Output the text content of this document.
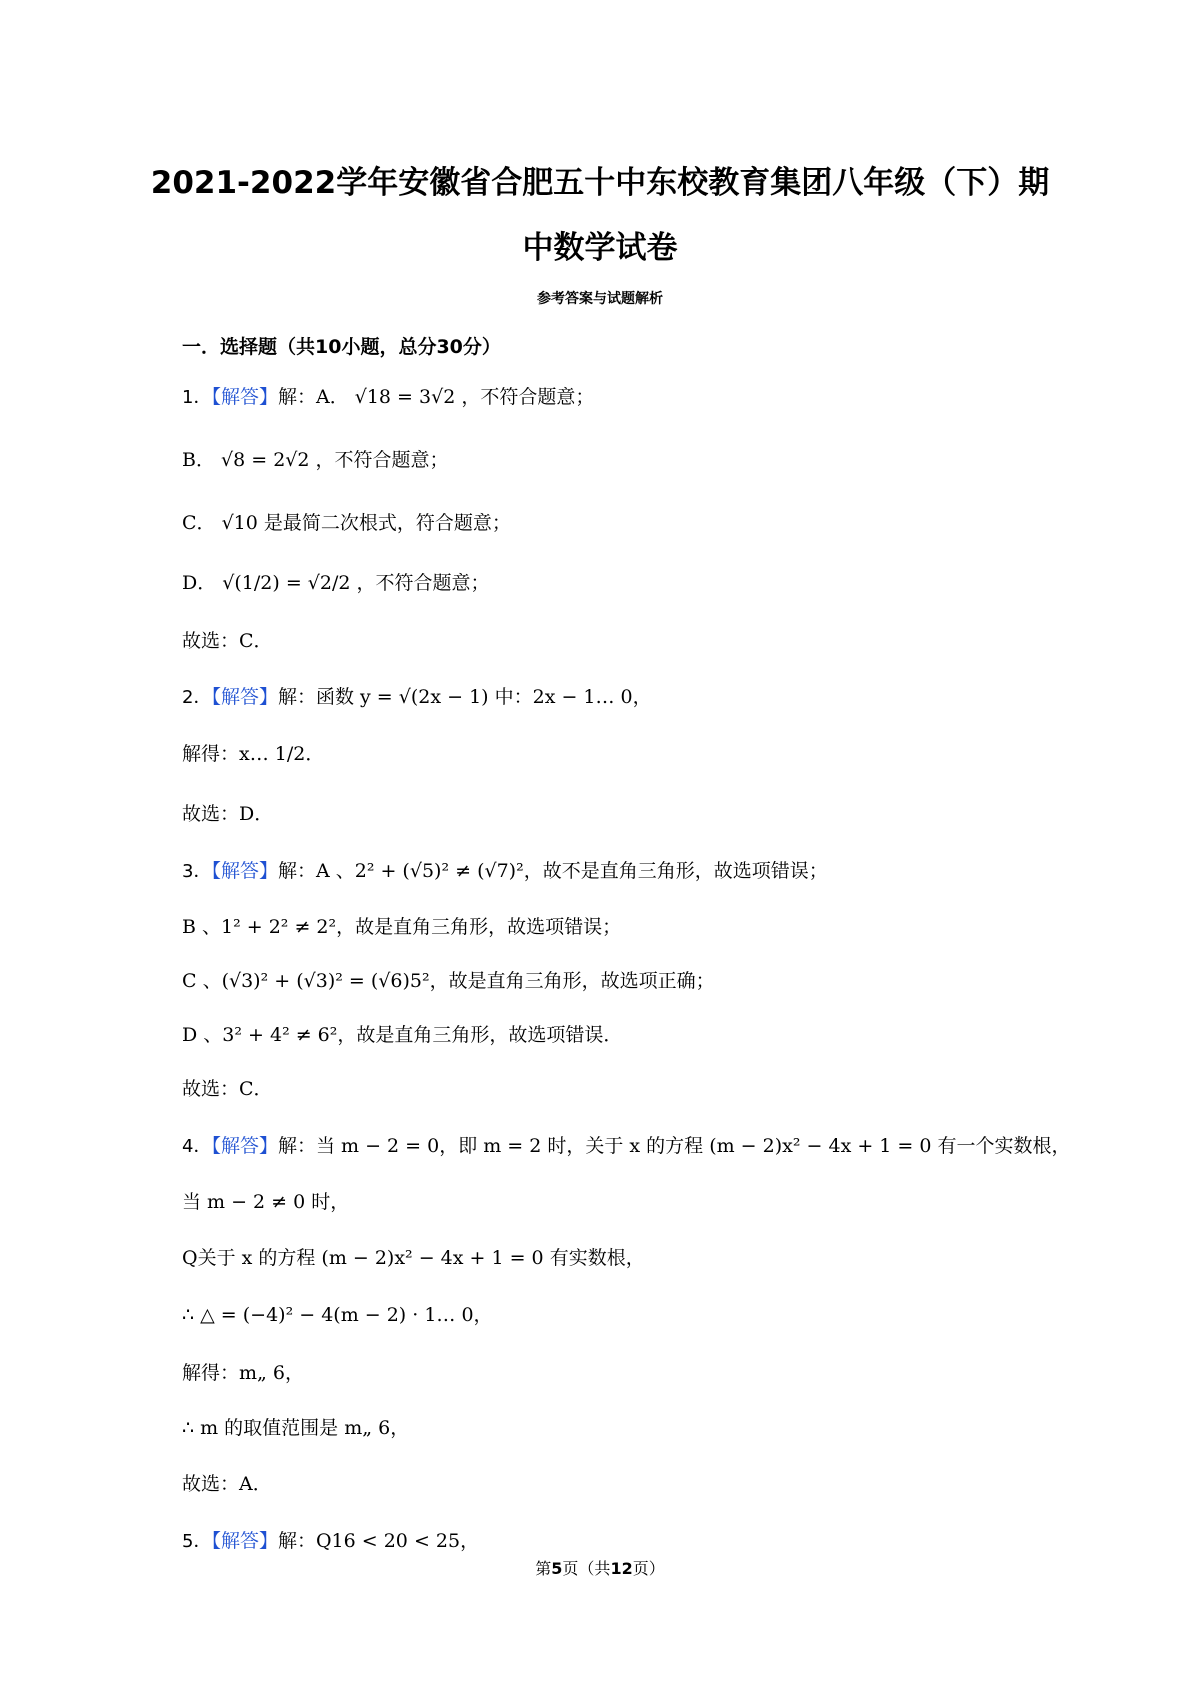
2021-2022学年安徽省合肥五十中东校教育集团八年级（下）期
中数学试卷
参考答案与试题解析
一．选择题（共10小题，总分30分）
1．【解答】解：A． √18 = 3√2 ，不符合题意；
B． √8 = 2√2 ，不符合题意；
C． √10 是最简二次根式，符合题意；
D． √(1/2) = √2/2 ，不符合题意；
故选：C．
2．【解答】解：函数 y = √(2x − 1) 中：2x − 1… 0，
解得：x… 1/2．
故选：D．
3．【解答】解：A 、2² + (√5)² ≠ (√7)²，故不是直角三角形，故选项错误；
B 、1² + 2² ≠ 2²，故是直角三角形，故选项错误；
C 、(√3)² + (√3)² = (√6)5²，故是直角三角形，故选项正确；
D 、3² + 4² ≠ 6²，故是直角三角形，故选项错误．
故选：C．
4．【解答】解：当 m − 2 = 0，即 m = 2 时，关于 x 的方程 (m − 2)x² − 4x + 1 = 0 有一个实数根，
当 m − 2 ≠ 0 时，
Q关于 x 的方程 (m − 2)x² − 4x + 1 = 0 有实数根，
∴ △ = (−4)² − 4(m − 2) · 1… 0，
解得：m„ 6，
∴ m 的取值范围是 m„ 6，
故选：A．
5．【解答】解：Q16 < 20 < 25，
第5页（共12页）
